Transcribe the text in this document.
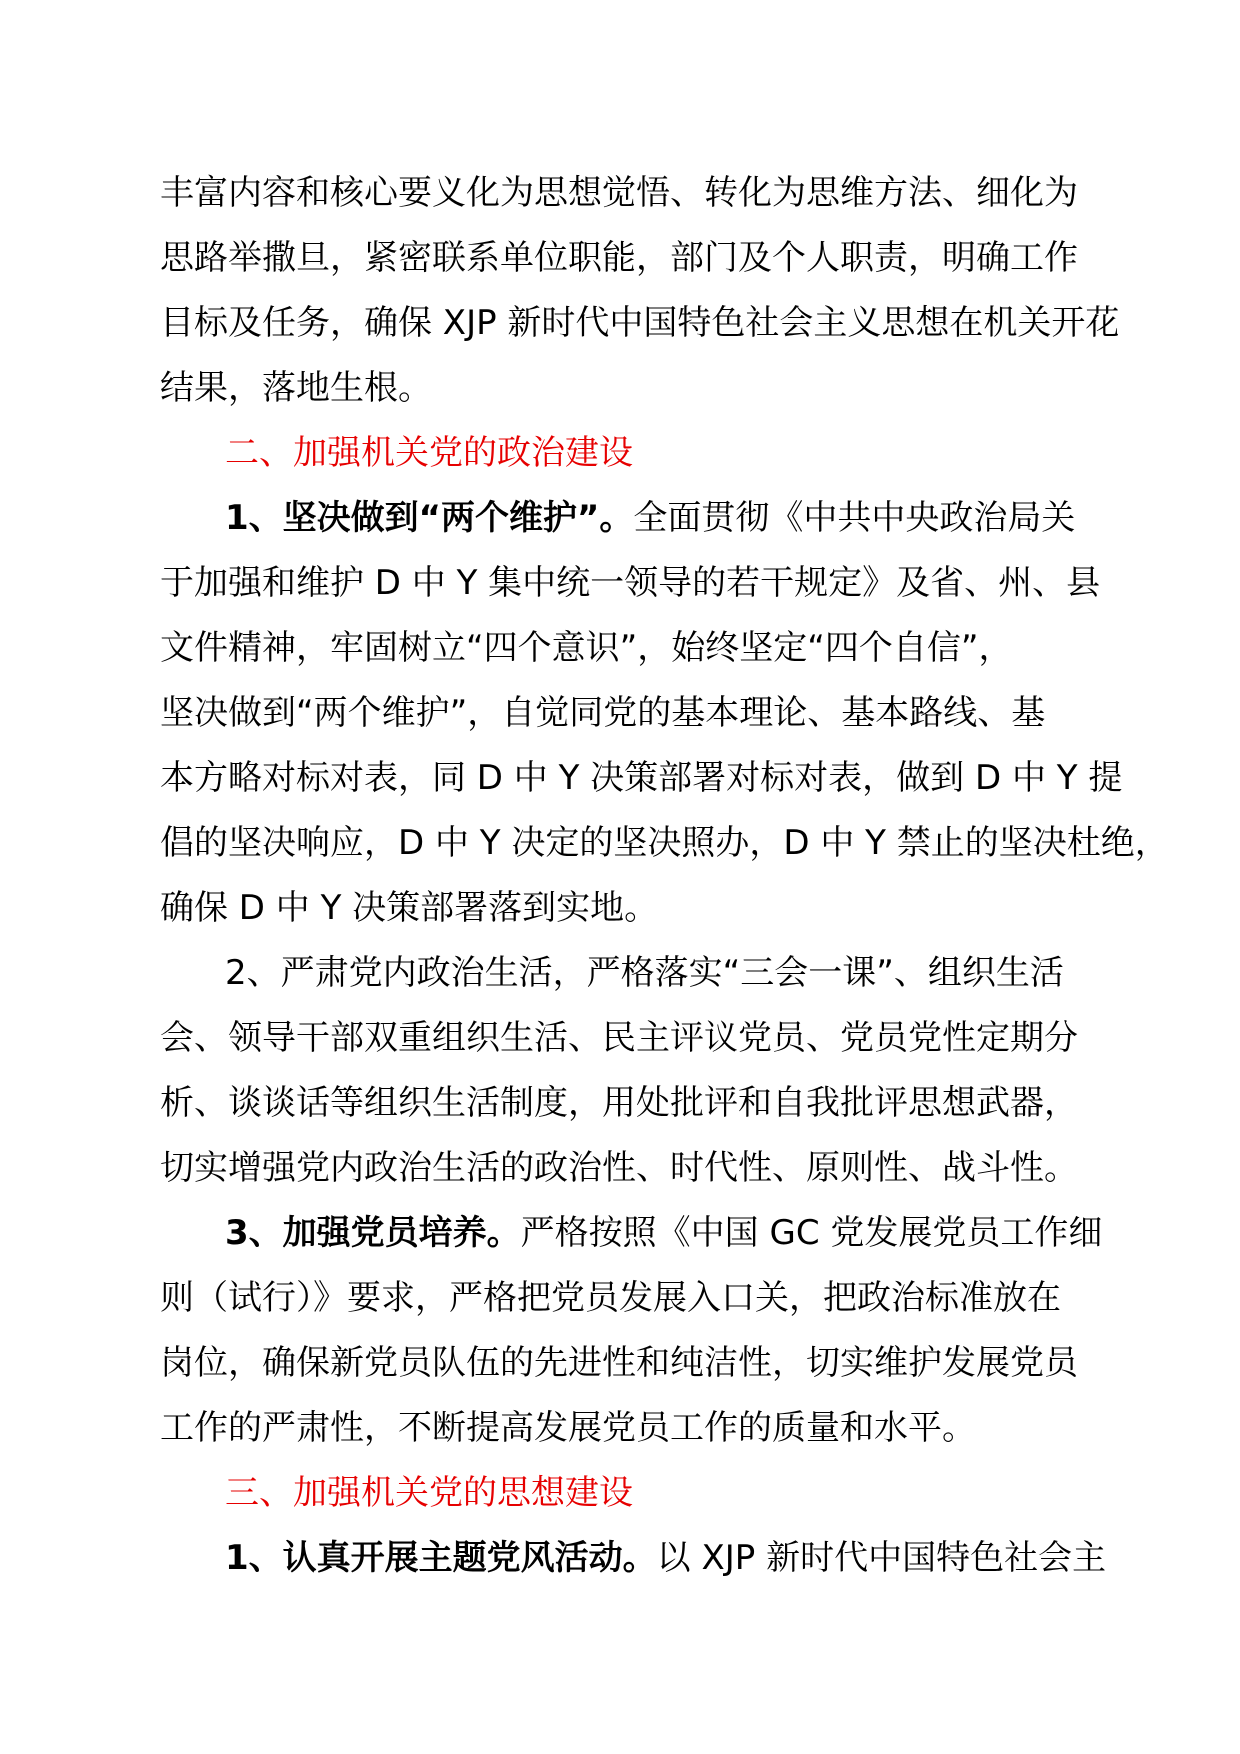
丰富内容和核心要义化为思想觉悟、转化为思维方法、细化为
思路举撒旦，紧密联系单位职能，部门及个人职责，明确工作
目标及任务，确保 XJP 新时代中国特色社会主义思想在机关开花
结果，落地生根。
二、加强机关党的政治建设
1、坚决做到“两个维护”。全面贯彻《中共中央政治局关
于加强和维护 D 中 Y 集中统一领导的若干规定》及省、州、县
文件精神，牢固树立“四个意识”，始终坚定“四个自信”，
坚决做到“两个维护”，自觉同党的基本理论、基本路线、基
本方略对标对表，同 D 中 Y 决策部署对标对表，做到 D 中 Y 提
倡的坚决响应，D 中 Y 决定的坚决照办，D 中 Y 禁止的坚决杜绝，
确保 D 中 Y 决策部署落到实地。
2、严肃党内政治生活，严格落实“三会一课”、组织生活
会、领导干部双重组织生活、民主评议党员、党员党性定期分
析、谈谈话等组织生活制度，用处批评和自我批评思想武器，
切实增强党内政治生活的政治性、时代性、原则性、战斗性。
3、加强党员培养。严格按照《中国 GC 党发展党员工作细
则（试行）》要求，严格把党员发展入口关，把政治标准放在
岗位，确保新党员队伍的先进性和纯洁性，切实维护发展党员
工作的严肃性，不断提高发展党员工作的质量和水平。
三、加强机关党的思想建设
1、认真开展主题党风活动。以 XJP 新时代中国特色社会主
